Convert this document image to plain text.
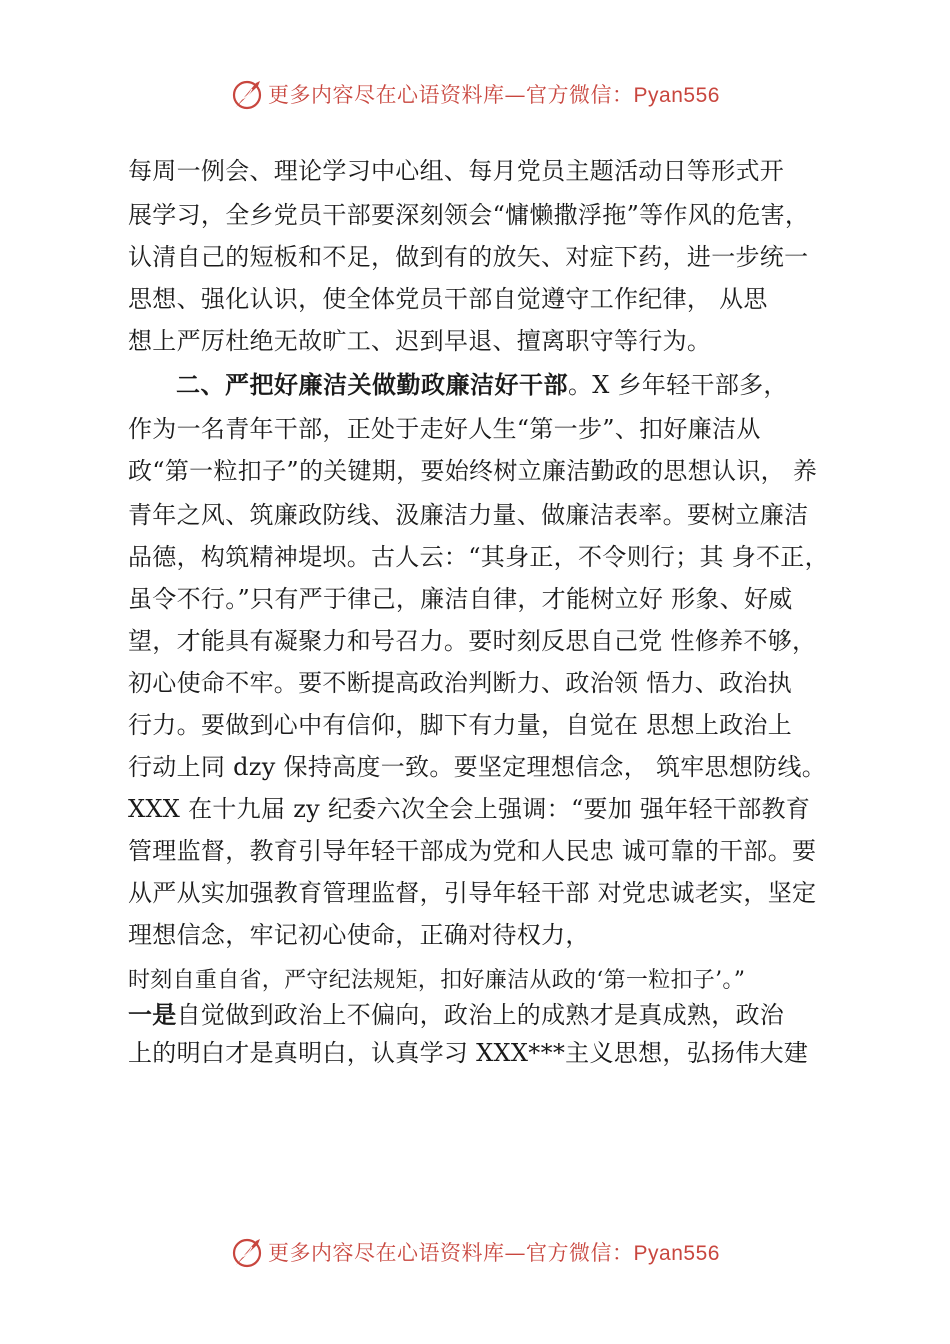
更多内容尽在心语资料库—官方微信：Pyan556
每周一例会、理论学习中心组、每月党员主题活动日等形式开
展学习，全乡党员干部要深刻领会“慵懒撒浮拖”等作风的危害，
认清自己的短板和不足，做到有的放矢、对症下药，进一步统一
思想、强化认识，使全体党员干部自觉遵守工作纪律， 从思
想上严厉杜绝无故旷工、迟到早退、擅离职守等行为。
二、严把好廉洁关做勤政廉洁好干部。X 乡年轻干部多，
作为一名青年干部，正处于走好人生“第一步”、扣好廉洁从
政“第一粒扣子”的关键期，要始终树立廉洁勤政的思想认识， 养
青年之风、筑廉政防线、汲廉洁力量、做廉洁表率。要树立廉洁
品德，构筑精神堤坝。古人云：“其身正，不令则行；其 身不正，
虽令不行。”只有严于律己，廉洁自律，才能树立好 形象、好威
望，才能具有凝聚力和号召力。要时刻反思自己党 性修养不够，
初心使命不牢。要不断提高政治判断力、政治领 悟力、政治执
行力。要做到心中有信仰，脚下有力量，自觉在 思想上政治上
行动上同 dzy 保持高度一致。要坚定理想信念， 筑牢思想防线。
XXX 在十九届 zy 纪委六次全会上强调：“要加 强年轻干部教育
管理监督，教育引导年轻干部成为党和人民忠 诚可靠的干部。要
从严从实加强教育管理监督，引导年轻干部 对党忠诚老实，坚定
理想信念，牢记初心使命，正确对待权力，
时刻自重自省，严守纪法规矩，扣好廉洁从政的‘第一粒扣子’。”
一是自觉做到政治上不偏向，政治上的成熟才是真成熟，政治
上的明白才是真明白，认真学习 XXX***主义思想，弘扬伟大建
更多内容尽在心语资料库—官方微信：Pyan556
